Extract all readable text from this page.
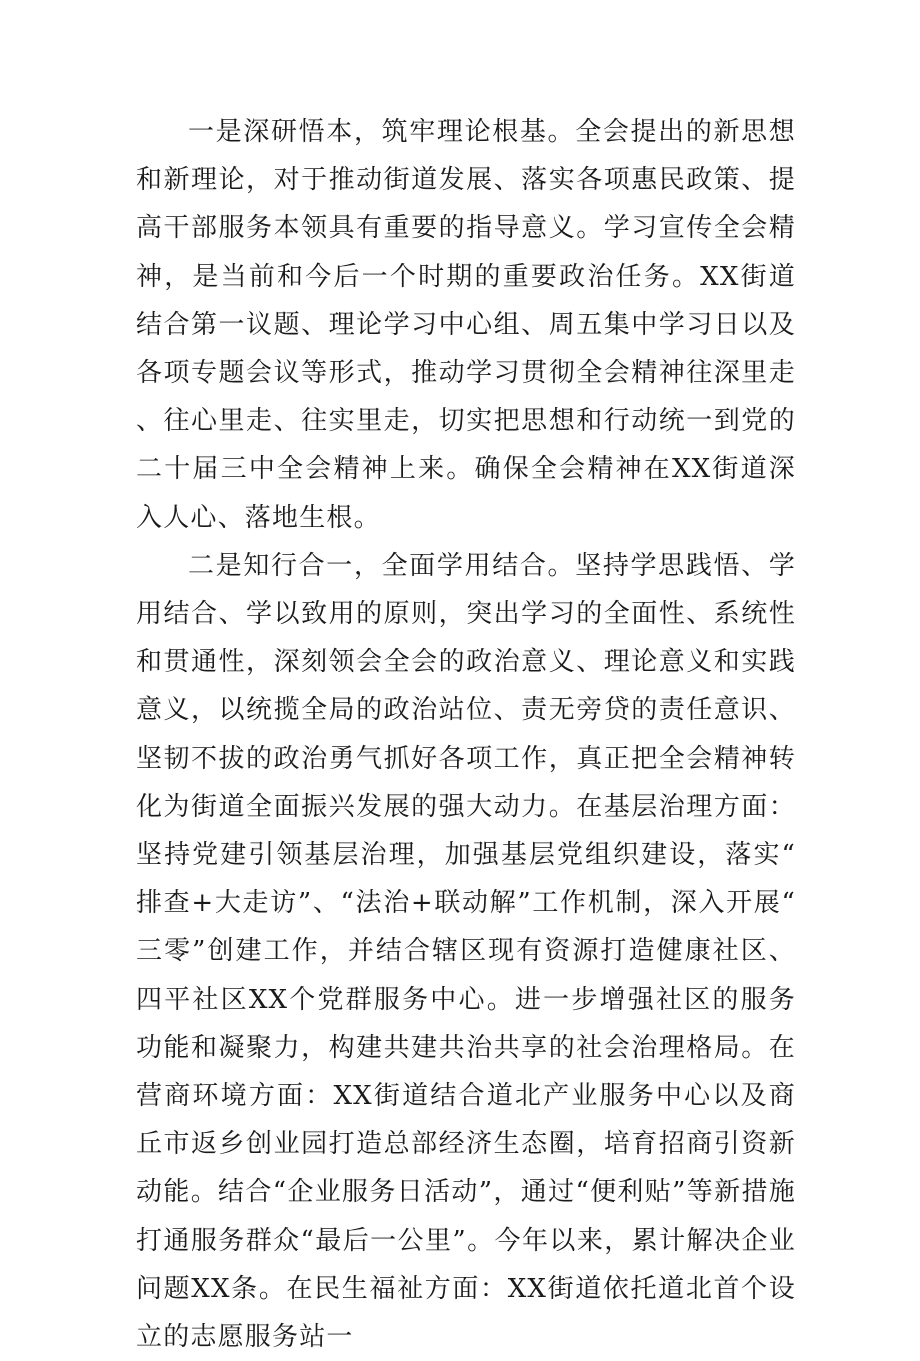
一是深研悟本，筑牢理论根基。全会提出的新思想和新理论，对于推动街道发展、落实各项惠民政策、提高干部服务本领具有重要的指导意义。学习宣传全会精神，是当前和今后一个时期的重要政治任务。XX街道结合第一议题、理论学习中心组、周五集中学习日以及各项专题会议等形式，推动学习贯彻全会精神往深里走、往心里走、往实里走，切实把思想和行动统一到党的二十届三中全会精神上来。确保全会精神在XX街道深入人心、落地生根。

二是知行合一，全面学用结合。坚持学思践悟、学用结合、学以致用的原则，突出学习的全面性、系统性和贯通性，深刻领会全会的政治意义、理论意义和实践意义，以统揽全局的政治站位、责无旁贷的责任意识、坚韧不拔的政治勇气抓好各项工作，真正把全会精神转化为街道全面振兴发展的强大动力。在基层治理方面：坚持党建引领基层治理，加强基层党组织建设，落实“排查+大走访”、“法治+联动解”工作机制，深入开展“三零”创建工作，并结合辖区现有资源打造健康社区、四平社区XX个党群服务中心。进一步增强社区的服务功能和凝聚力，构建共建共治共享的社会治理格局。在营商环境方面：XX街道结合道北产业服务中心以及商丘市返乡创业园打造总部经济生态圈，培育招商引资新动能。结合“企业服务日活动”，通过“便利贴”等新措施打通服务群众“最后一公里”。今年以来，累计解决企业问题XX条。在民生福祉方面：XX街道依托道北首个设立的志愿服务站一
